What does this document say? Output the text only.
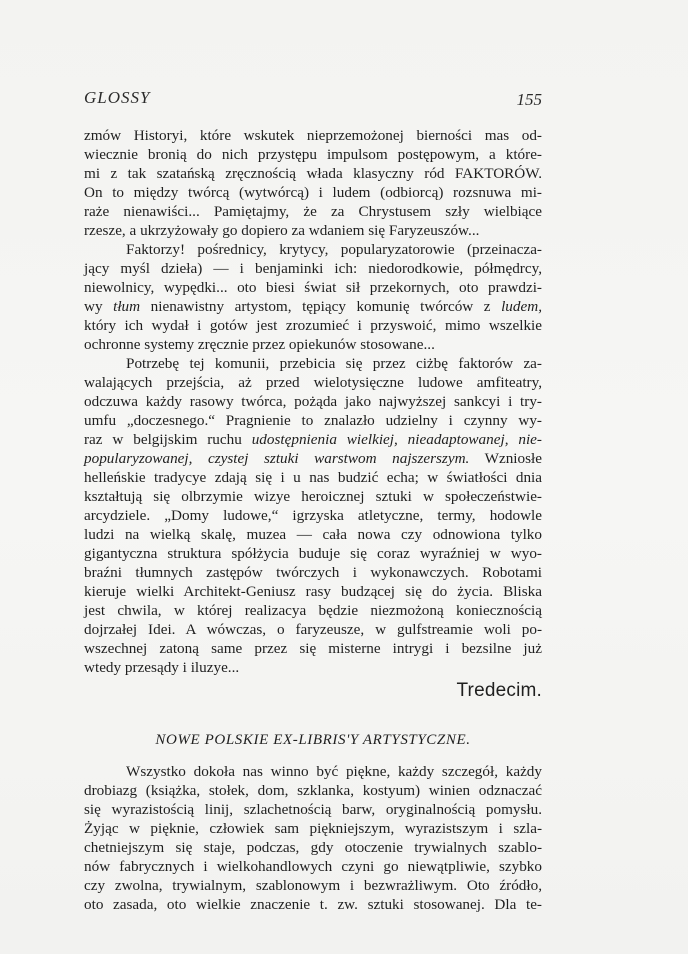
GLOSSY	155
zmów Historyi, które wskutek nieprzemożonej bierności mas od-
wiecznie bronią do nich przystępu impulsom postępowym, a które-
mi z tak szatańską zręcznością włada klasyczny ród FAKTORÓW.
On to między twórcą (wytwórcą) i ludem (odbiorcą) rozsnuwa mi-
raże nienawiści... Pamiętajmy, że za Chrystusem szły wielbiące
rzesze, a ukrzyżowały go dopiero za wdaniem się Faryzeuszów...
Faktorzy! pośrednicy, krytycy, popularyzatorowie (przeinacza-
jący myśl dzieła) — i benjaminki ich: niedorodkowie, półmędrcy,
niewolnicy, wypędki... oto biesi świat sił przekornych, oto prawdzi-
wy tłum nienawistny artystom, tępiący komunię twórców z ludem,
który ich wydał i gotów jest zrozumieć i przyswoić, mimo wszelkie
ochronne systemy zręcznie przez opiekunów stosowane...
Potrzebę tej komunii, przebicia się przez ciżbę faktorów za-
walających przejścia, aż przed wielotysięczne ludowe amfiteatry,
odczuwa każdy rasowy twórca, pożąda jako najwyższej sankcyi i try-
umfu „doczesnego.“ Pragnienie to znalazło udzielny i czynny wy-
raz w belgijskim ruchu udostępnienia wielkiej, nieadaptowanej, nie-
popularyzowanej, czystej sztuki warstwom najszerszym. Wzniosłe
helleńskie tradycye zdają się i u nas budzić echa; w światłości dnia
kształtują się olbrzymie wizye heroicznej sztuki w społeczeństwie-
arcydziele. „Domy ludowe,“ igrzyska atletyczne, termy, hodowle
ludzi na wielką skalę, muzea — cała nowa czy odnowiona tylko
gigantyczna struktura spółżycia buduje się coraz wyraźniej w wyo-
braźni tłumnych zastępów twórczych i wykonawczych. Robotami
kieruje wielki Architekt-Geniusz rasy budzącej się do życia. Bliska
jest chwila, w której realizacya będzie niezmożoną koniecznością
dojrzałej Idei. A wówczas, o faryzeusze, w gulfstreamie woli po-
wszechnej zatoną same przez się misterne intrygi i bezsilne już
wtedy przesądy i iluzye...
Tredecim.
NOWE POLSKIE EX-LIBRIS'Y ARTYSTYCZNE.
Wszystko dokoła nas winno być piękne, każdy szczegół, każdy
drobiazg (książka, stołek, dom, szklanka, kostyum) winien odznaczać
się wyrazistością linij, szlachetnością barw, oryginalnością pomysłu.
Żyjąc w pięknie, człowiek sam piękniejszym, wyrazistszym i szla-
chetniejszym się staje, podczas, gdy otoczenie trywialnych szablo-
nów fabrycznych i wielkohandlowych czyni go niewątpliwie, szybko
czy zwolna, trywialnym, szablonowym i bezwrażliwym. Oto źródło,
oto zasada, oto wielkie znaczenie t. zw. sztuki stosowanej. Dla te-
